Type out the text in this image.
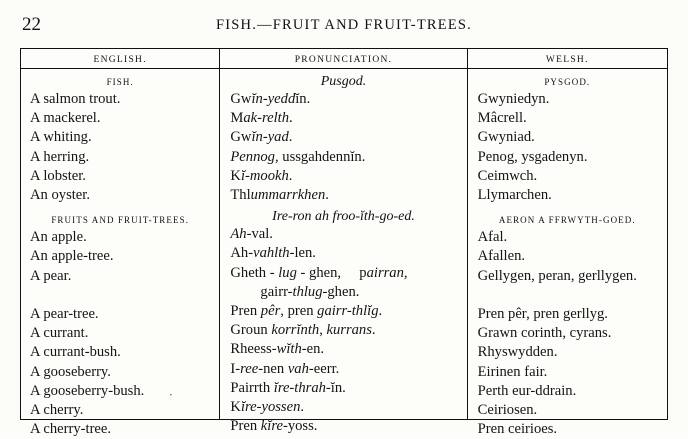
22	FISH.—FRUIT AND FRUIT-TREES.
ENGLISH.
FISH.
A salmon trout.
A mackerel.
A whiting.
A herring.
A lobster.
An oyster.
FRUITS AND FRUIT-TREES.
An apple.
An apple-tree.
A pear.
A pear-tree.
A currant.
A currant-bush.
A gooseberry.
A gooseberry-bush.
A cherry.
A cherry-tree.
PRONUNCIATION.
Pusgod.
Gwĭn-yeddĭn.
Mak-relth.
Gwĭn-yad.
Pennog, ussgahdennĭn.
Kĭ-mookh.
Thlummarrkhen.
Ire-ron ah froo-ĭth-go-ed.
Ah-val.
Ah-vahlth-len.
Gheth - lug - ghen,  pairran,
gairr-thlug-ghen.
Pren pêr, pren gairr-thlĭg.
Groun korrĭnth, kurrans.
Rheess-wĭth-en.
I-ree-nen vah-eerr.
Pairrth ĭre-thrah-ĭn.
Kĭre-yossen.
Pren kĭre-yoss.
WELSH.
PYSGOD.
Gwyniedyn.
Mâcrell.
Gwyniad.
Penog, ysgadenyn.
Ceimwch.
Llymarchen.
AERON A FFRWYTH-GOED.
Afal.
Afallen.
Gellygen, peran, gerllygen.
Pren pêr, pren gerllyg.
Grawn corinth, cyrans.
Rhyswydden.
Eirinen fair.
Perth eur-ddrain.
Ceiriosen.
Pren ceirioes.
·
